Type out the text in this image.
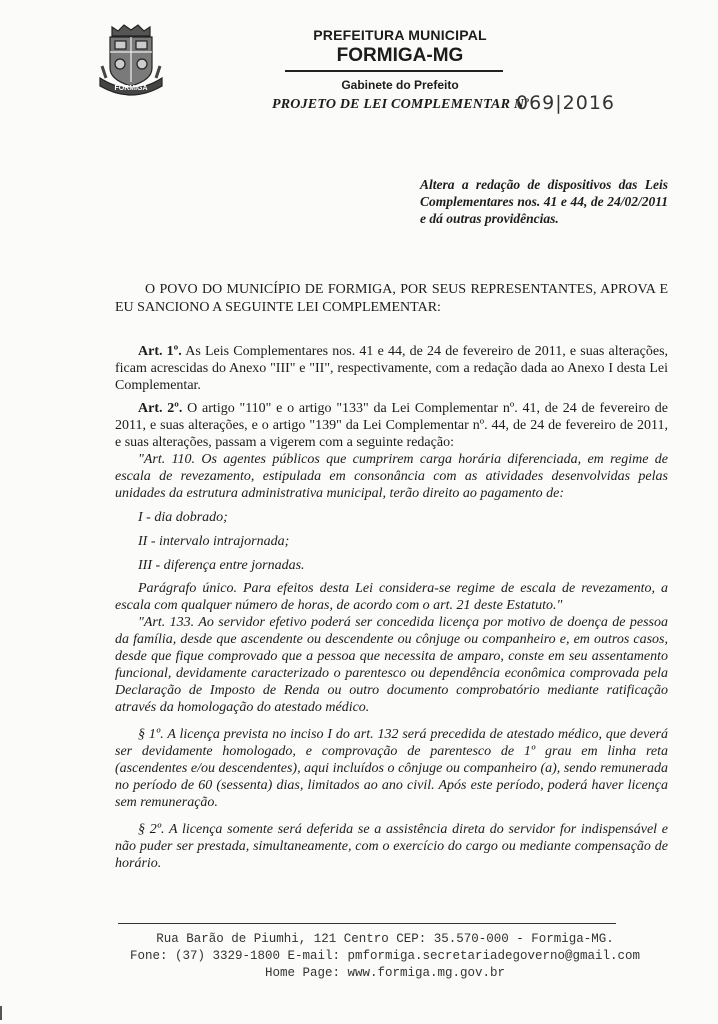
FORMIGA
PREFEITURA MUNICIPAL
FORMIGA-MG
Gabinete do Prefeito
PROJETO DE LEI COMPLEMENTAR Nº
069|2016
Altera a redação de dispositivos das Leis Complementares nos. 41 e 44, de 24/02/2011 e dá outras providências.
O POVO DO MUNICÍPIO DE FORMIGA, POR SEUS REPRESENTANTES, APROVA E EU SANCIONO A SEGUINTE LEI COMPLEMENTAR:

Art. 1º. As Leis Complementares nos. 41 e 44, de 24 de fevereiro de 2011, e suas alterações, ficam acrescidas do Anexo "III" e "II", respectivamente, com a redação dada ao Anexo I desta Lei Complementar.

Art. 2º. O artigo "110" e o artigo "133" da Lei Complementar nº. 41, de 24 de fevereiro de 2011, e suas alterações, e o artigo "139" da Lei Complementar nº. 44, de 24 de fevereiro de 2011, e suas alterações, passam a vigerem com a seguinte redação:

"Art. 110. Os agentes públicos que cumprirem carga horária diferenciada, em regime de escala de revezamento, estipulada em consonância com as atividades desenvolvidas pelas unidades da estrutura administrativa municipal, terão direito ao pagamento de:

I - dia dobrado;

II - intervalo intrajornada;

III - diferença entre jornadas.

Parágrafo único. Para efeitos desta Lei considera-se regime de escala de revezamento, a escala com qualquer número de horas, de acordo com o art. 21 deste Estatuto."

"Art. 133. Ao servidor efetivo poderá ser concedida licença por motivo de doença de pessoa da família, desde que ascendente ou descendente ou cônjuge ou companheiro e, em outros casos, desde que fique comprovado que a pessoa que necessita de amparo, conste em seu assentamento funcional, devidamente caracterizado o parentesco ou dependência econômica comprovada pela Declaração de Imposto de Renda ou outro documento comprobatório mediante ratificação através da homologação do atestado médico.

§ 1º. A licença prevista no inciso I do art. 132 será precedida de atestado médico, que deverá ser devidamente homologado, e comprovação de parentesco de 1º grau em linha reta (ascendentes e/ou descendentes), aqui incluídos o cônjuge ou companheiro (a), sendo remunerada no período de 60 (sessenta) dias, limitados ao ano civil. Após este período, poderá haver licença sem remuneração.

§ 2º. A licença somente será deferida se a assistência direta do servidor for indispensável e não puder ser prestada, simultaneamente, com o exercício do cargo ou mediante compensação de horário.

Rua Barão de Piumhi, 121 Centro CEP: 35.570-000 - Formiga-MG.
Fone: (37) 3329-1800 E-mail: pmformiga.secretariadegoverno@gmail.com
Home Page: www.formiga.mg.gov.br
